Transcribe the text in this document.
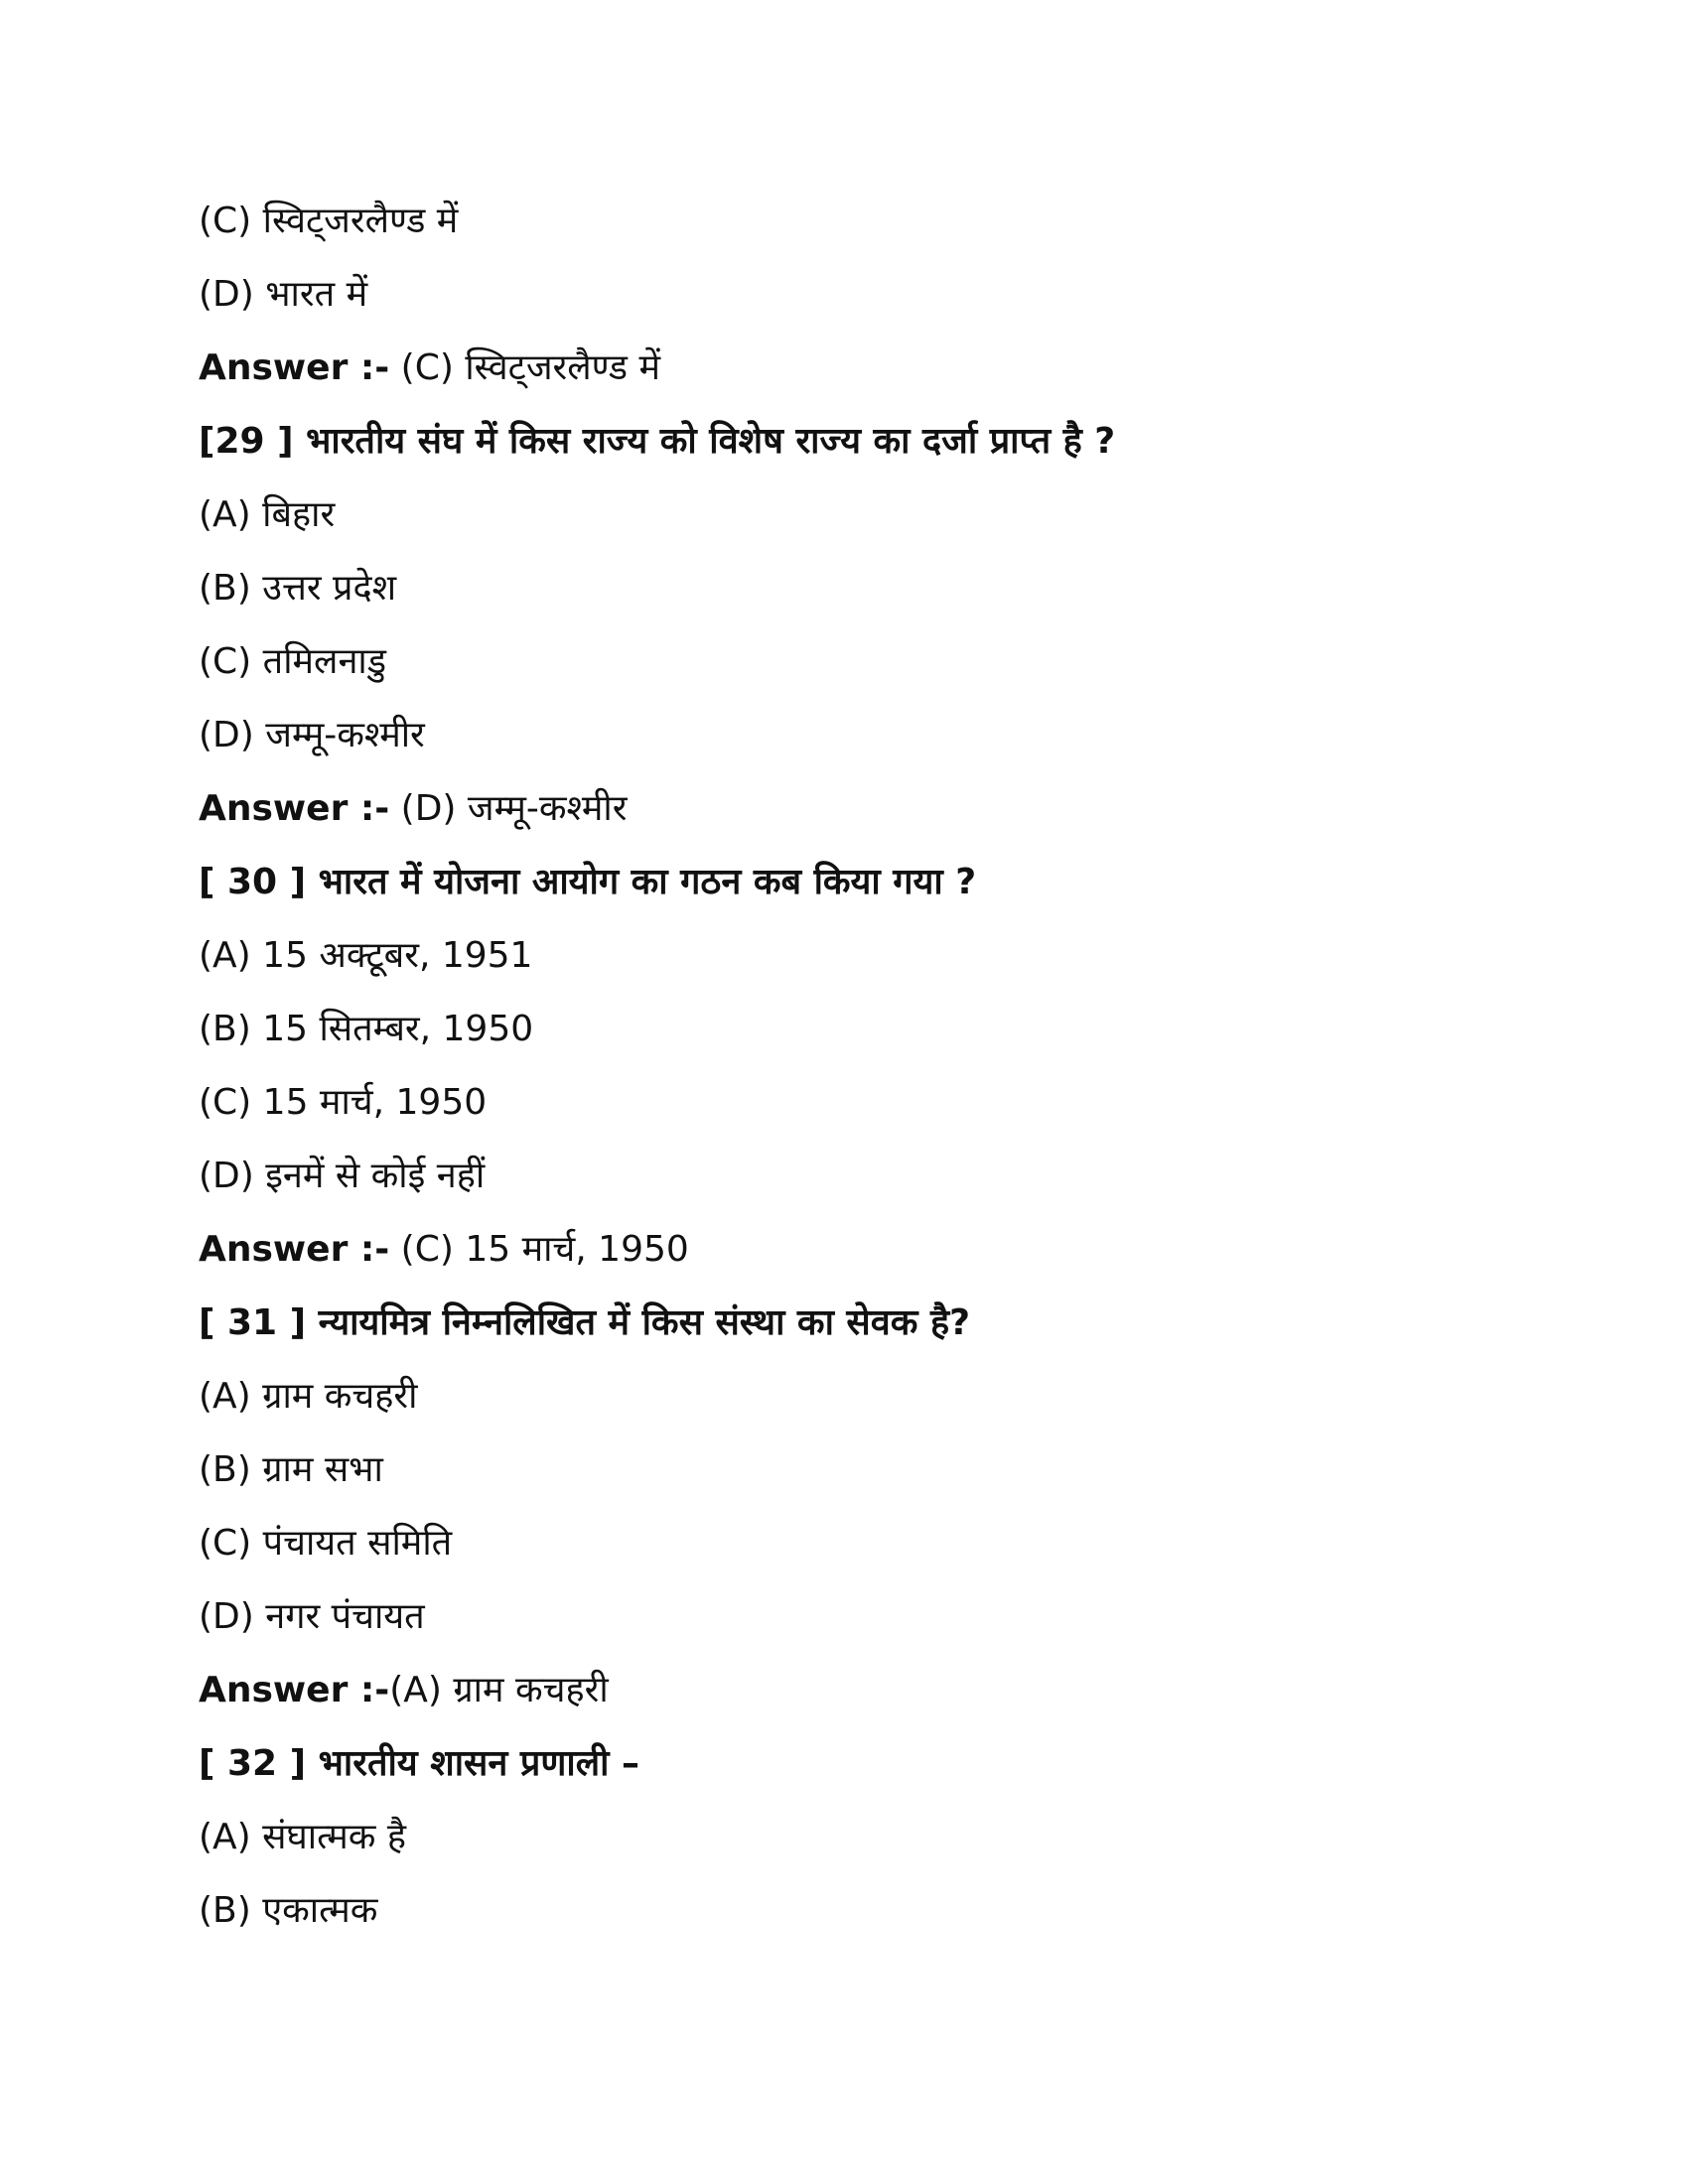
(C) स्विट्जरलैण्ड में
(D) भारत में
Answer :- (C) स्विट्जरलैण्ड में
[29 ] भारतीय संघ में किस राज्य को विशेष राज्य का दर्जा प्राप्त है ?
(A) बिहार
(B) उत्तर प्रदेश
(C) तमिलनाडु
(D) जम्मू-कश्मीर
Answer :- (D) जम्मू-कश्मीर
[ 30 ] भारत में योजना आयोग का गठन कब किया गया ?
(A) 15 अक्टूबर, 1951
(B) 15 सितम्बर, 1950
(C) 15 मार्च, 1950
(D) इनमें से कोई नहीं
Answer :- (C) 15 मार्च, 1950
[ 31 ] न्यायमित्र निम्नलिखित में किस संस्था का सेवक है?
(A) ग्राम कचहरी
(B) ग्राम सभा
(C) पंचायत समिति
(D) नगर पंचायत
Answer :-(A) ग्राम कचहरी
[ 32 ] भारतीय शासन प्रणाली –
(A) संघात्मक है
(B) एकात्मक
